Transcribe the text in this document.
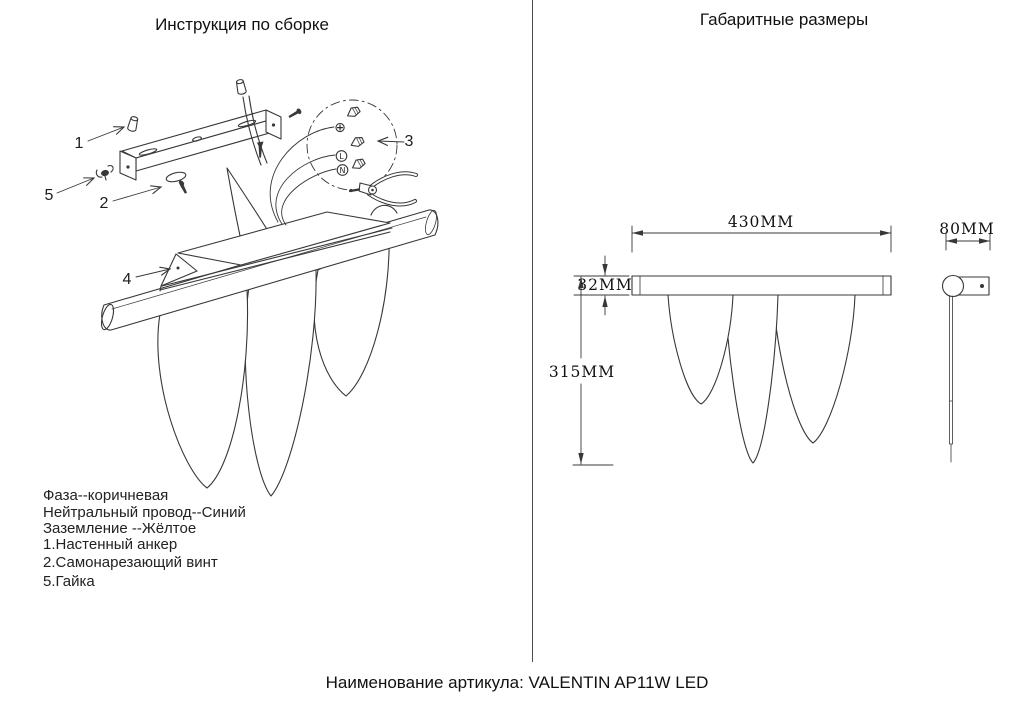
⊕
L
N
Инструкция по сборке	Габаритные размеры
1
5	2
4
3
430MM	80MM
32MM
315MM
Фаза--коричневая
Нейтральный провод--Синий
Заземление --Жёлтое
1.Настенный анкер
2.Самонарезающий винт
5.Гайка
Наименование артикула: VALENTIN AP11W LED
